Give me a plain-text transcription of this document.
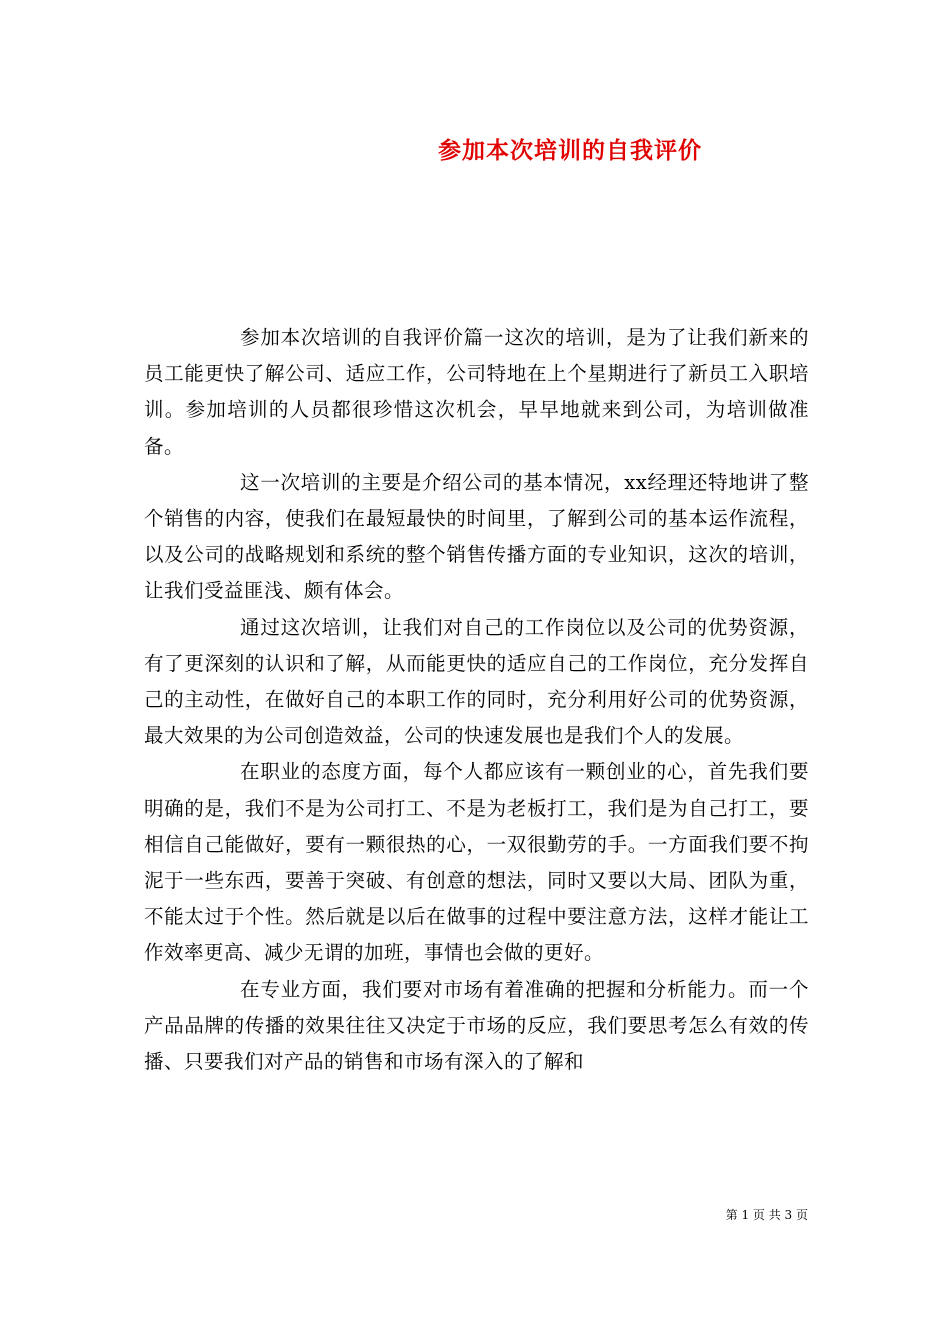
参加本次培训的自我评价

参加本次培训的自我评价篇一这次的培训，是为了让我们新来的员工能更快了解公司、适应工作，公司特地在上个星期进行了新员工入职培训。参加培训的人员都很珍惜这次机会，早早地就来到公司，为培训做准备。

这一次培训的主要是介绍公司的基本情况，xx经理还特地讲了整个销售的内容，使我们在最短最快的时间里，了解到公司的基本运作流程，以及公司的战略规划和系统的整个销售传播方面的专业知识，这次的培训，让我们受益匪浅、颇有体会。

通过这次培训，让我们对自己的工作岗位以及公司的优势资源，有了更深刻的认识和了解，从而能更快的适应自己的工作岗位，充分发挥自己的主动性，在做好自己的本职工作的同时，充分利用好公司的优势资源，最大效果的为公司创造效益，公司的快速发展也是我们个人的发展。

在职业的态度方面，每个人都应该有一颗创业的心，首先我们要明确的是，我们不是为公司打工、不是为老板打工，我们是为自己打工，要相信自己能做好，要有一颗很热的心，一双很勤劳的手。一方面我们要不拘泥于一些东西，要善于突破、有创意的想法，同时又要以大局、团队为重，不能太过于个性。然后就是以后在做事的过程中要注意方法，这样才能让工作效率更高、减少无谓的加班，事情也会做的更好。

在专业方面，我们要对市场有着准确的把握和分析能力。而一个产品品牌的传播的效果往往又决定于市场的反应，我们要思考怎么有效的传播、只要我们对产品的销售和市场有深入的了解和

第 1 页 共 3 页
